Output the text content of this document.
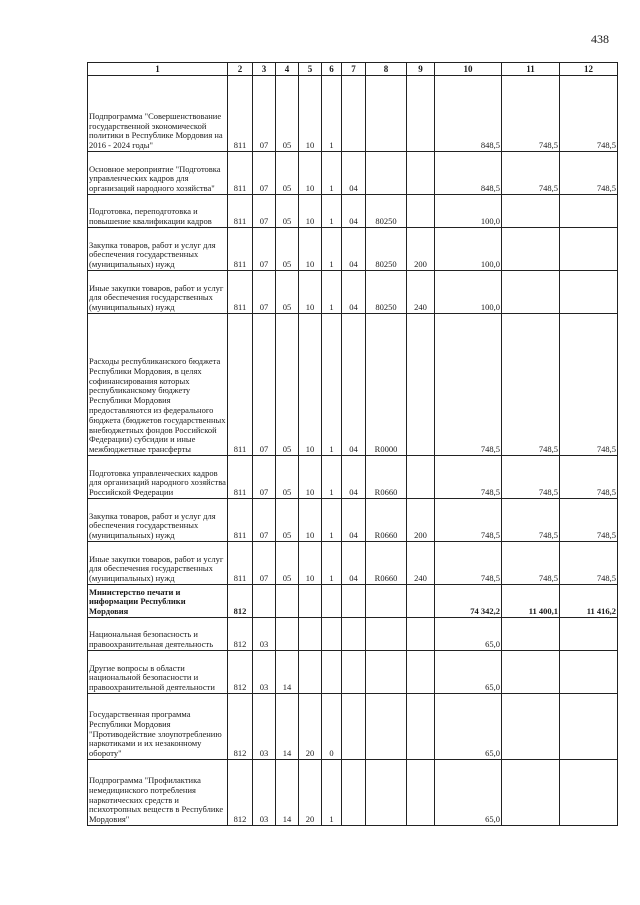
438
1	2	3	4	5	6	7	8	9	10	11	12
Подпрограмма "Совершенствование государственной экономической политики в Республике Мордовия на 2016 - 2024 годы"	811	07	05	10	1				848,5	748,5	748,5
Основное мероприятие "Подготовка управленческих кадров для организаций народного хозяйства"	811	07	05	10	1	04			848,5	748,5	748,5
Подготовка, переподготовка и повышение квалификации кадров	811	07	05	10	1	04	80250		100,0		
Закупка товаров, работ и услуг для обеспечения государственных (муниципальных) нужд	811	07	05	10	1	04	80250	200	100,0		
Иные закупки товаров, работ и услуг для обеспечения государственных (муниципальных) нужд	811	07	05	10	1	04	80250	240	100,0		
Расходы республиканского бюджета Республики Мордовия, в целях софинансирования которых республиканскому бюджету Республики Мордовия предоставляются из федерального бюджета (бюджетов государственных внебюджетных фондов Российской Федерации) субсидии и иные межбюджетные трансферты	811	07	05	10	1	04	R0000		748,5	748,5	748,5
Подготовка управленческих кадров для организаций народного хозяйства Российской Федерации	811	07	05	10	1	04	R0660		748,5	748,5	748,5
Закупка товаров, работ и услуг для обеспечения государственных (муниципальных) нужд	811	07	05	10	1	04	R0660	200	748,5	748,5	748,5
Иные закупки товаров, работ и услуг для обеспечения государственных (муниципальных) нужд	811	07	05	10	1	04	R0660	240	748,5	748,5	748,5
Министерство печати и информации Республики Мордовия	812								74 342,2	11 400,1	11 416,2
Национальная безопасность и правоохранительная деятельность	812	03							65,0		
Другие вопросы в области национальной безопасности и правоохранительной деятельности	812	03	14						65,0		
Государственная программа Республики Мордовия "Противодействие злоупотреблению наркотиками и их незаконному обороту"	812	03	14	20	0				65,0		
Подпрограмма "Профилактика немедицинского потребления наркотических средств и психотропных веществ в Республике Мордовия"	812	03	14	20	1				65,0		
